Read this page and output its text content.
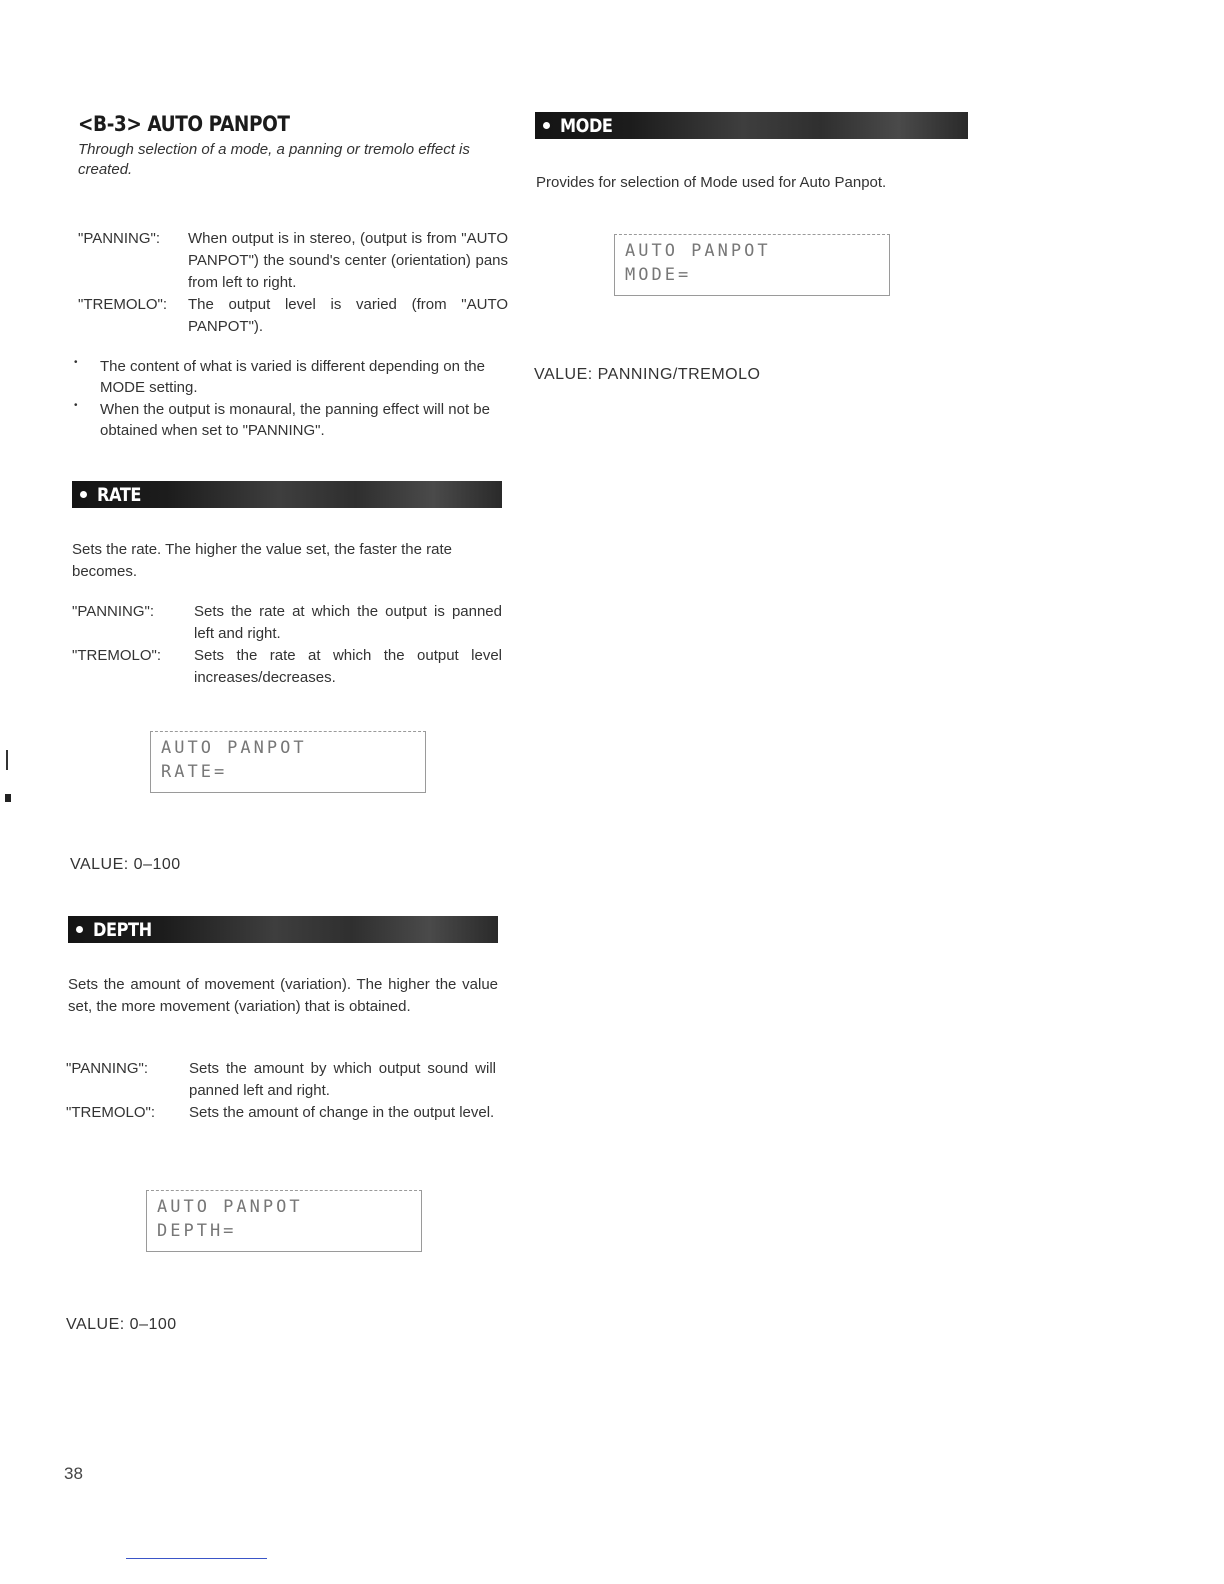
<B-3> AUTO PANPOT

Through selection of a mode, a panning or tremolo effect is created.

"PANNING":	When output is in stereo, (output is from "AUTO PANPOT") the sound's center (orientation) pans from left to right.
"TREMOLO":	The output level is varied (from "AUTO PANPOT").
•	The content of what is varied is different depending on the MODE setting.
•	When the output is monaural, the panning effect will not be obtained when set to "PANNING".
RATE

Sets the rate. The higher the value set, the faster the rate becomes.

"PANNING":	Sets the rate at which the output is panned left and right.
"TREMOLO":	Sets the rate at which the output level increases/decreases.
AUTO PANPOT
RATE=

VALUE: 0–100

DEPTH

Sets the amount of movement (variation). The higher the value set, the more movement (variation) that is obtained.

"PANNING":	Sets the amount by which output sound will panned left and right.
"TREMOLO":	Sets the amount of change in the output level.
AUTO PANPOT
DEPTH=

VALUE: 0–100

MODE

Provides for selection of Mode used for Auto Panpot.

AUTO PANPOT
MODE=

VALUE: PANNING/TREMOLO

38
